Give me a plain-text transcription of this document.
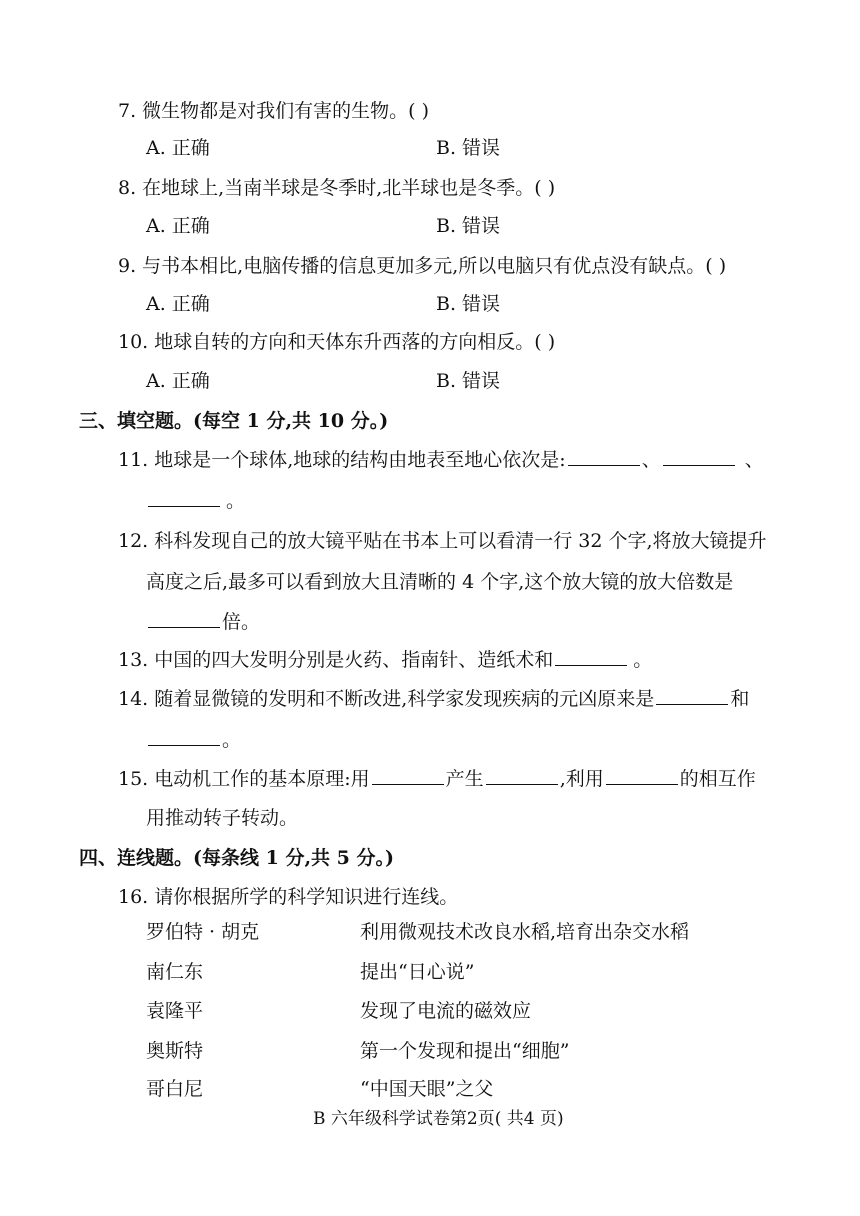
7. 微生物都是对我们有害的生物。( )
A. 正确	B. 错误
8. 在地球上,当南半球是冬季时,北半球也是冬季。( )
A. 正确	B. 错误
9. 与书本相比,电脑传播的信息更加多元,所以电脑只有优点没有缺点。( )
A. 正确	B. 错误
10. 地球自转的方向和天体东升西落的方向相反。( )
A. 正确	B. 错误
三、填空题。(每空 1 分,共 10 分。)
11. 地球是一个球体,地球的结构由地表至地心依次是:	、	、
。
12. 科科发现自己的放大镜平贴在书本上可以看清一行 32 个字,将放大镜提升
高度之后,最多可以看到放大且清晰的 4 个字,这个放大镜的放大倍数是
倍。
13. 中国的四大发明分别是火药、指南针、造纸术和	。
14. 随着显微镜的发明和不断改进,科学家发现疾病的元凶原来是	和
。
15. 电动机工作的基本原理:用	产生	,利用	的相互作
用推动转子转动。
四、连线题。(每条线 1 分,共 5 分。)
16. 请你根据所学的科学知识进行连线。
罗伯特 · 胡克	利用微观技术改良水稻,培育出杂交水稻
南仁东	提出“日心说”
袁隆平	发现了电流的磁效应
奥斯特	第一个发现和提出“细胞”
哥白尼	“中国天眼”之父
B 六年级科学试卷第2页( 共4 页)
